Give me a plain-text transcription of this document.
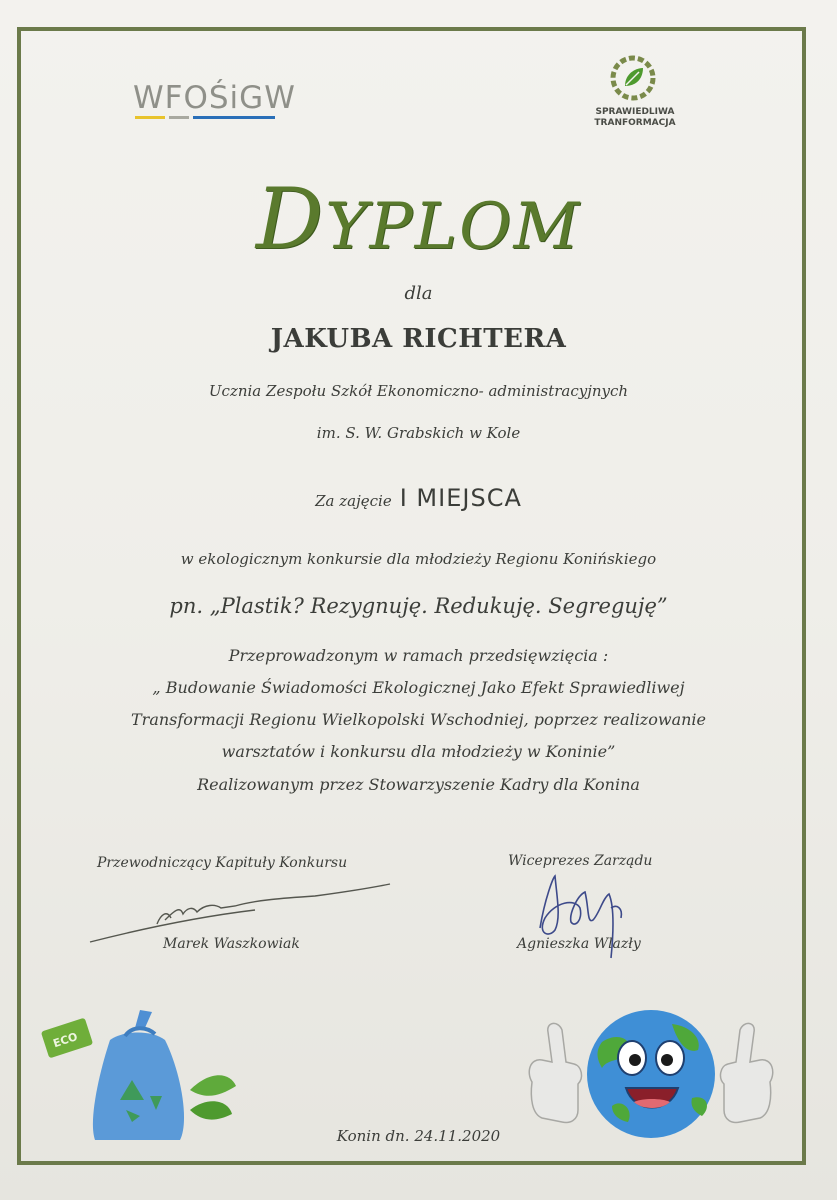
WFOŚiGW	SPRAWIEDLIWA
TRANFORMACJA
DYPLOM
dla
JAKUBA RICHTERA
Ucznia Zespołu Szkół Ekonomiczno- administracyjnych
im. S. W. Grabskich w Kole
Za zajęcie I MIEJSCA
w ekologicznym konkursie dla młodzieży Regionu Konińskiego
pn. „Plastik? Rezygnuję. Redukuję. Segreguję”
Przeprowadzonym w ramach przedsięwzięcia :
„ Budowanie Świadomości Ekologicznej Jako Efekt Sprawiedliwej
Transformacji Regionu Wielkopolski Wschodniej, poprzez realizowanie
warsztatów i konkursu dla młodzieży w Koninie”
Realizowanym przez Stowarzyszenie Kadry dla Konina
Przewodniczący Kapituły Konkursu
Marek Waszkowiak
Wiceprezes Zarządu
Agnieszka Wlazły
ECO
Konin dn. 24.11.2020
